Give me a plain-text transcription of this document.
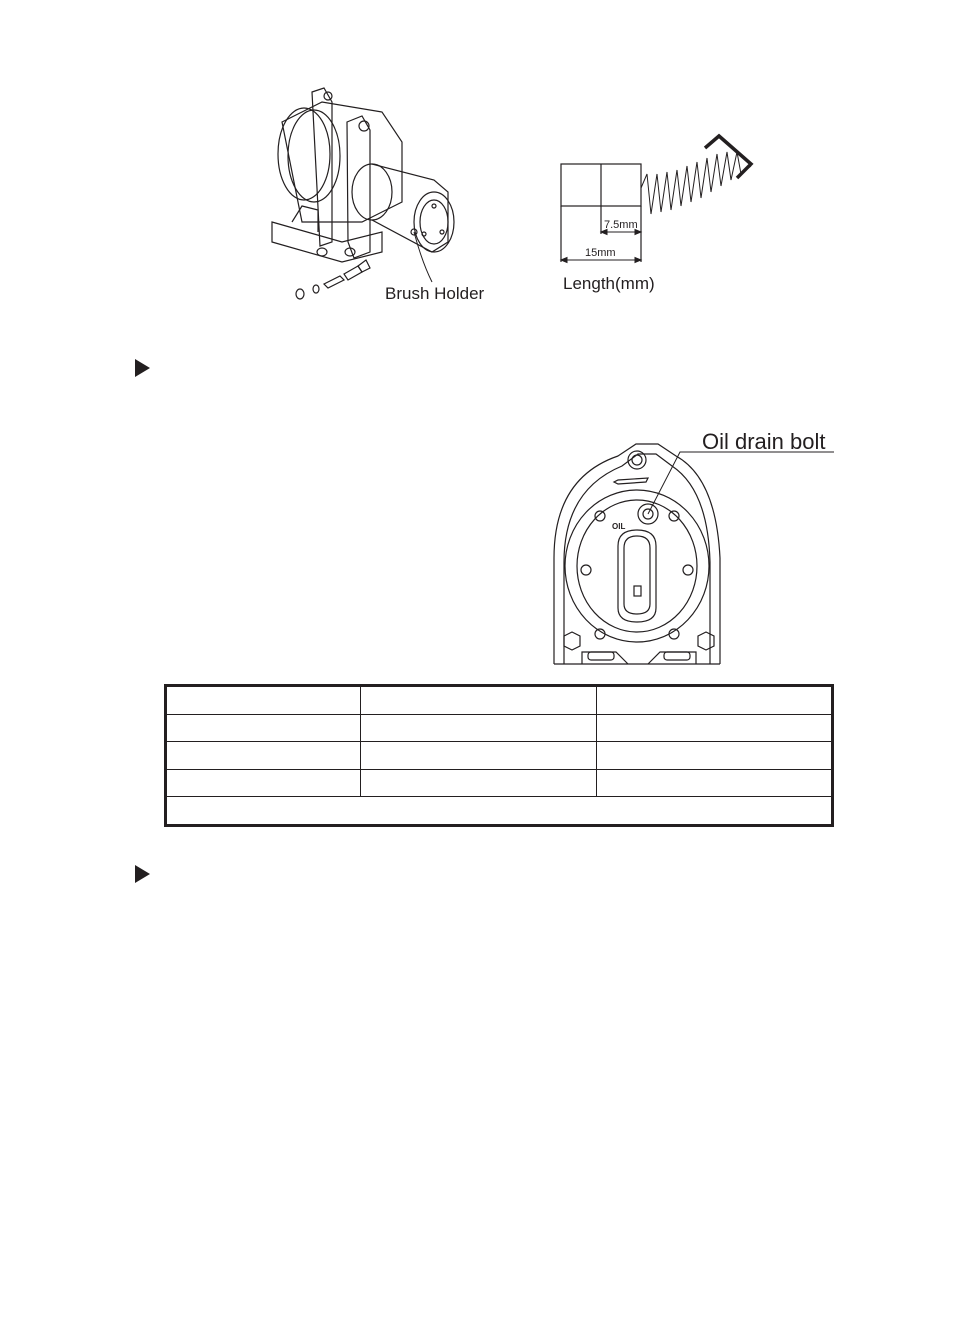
Brush Holder
7.5mm
15mm
Length(mm)
OIL
Oil drain bolt
